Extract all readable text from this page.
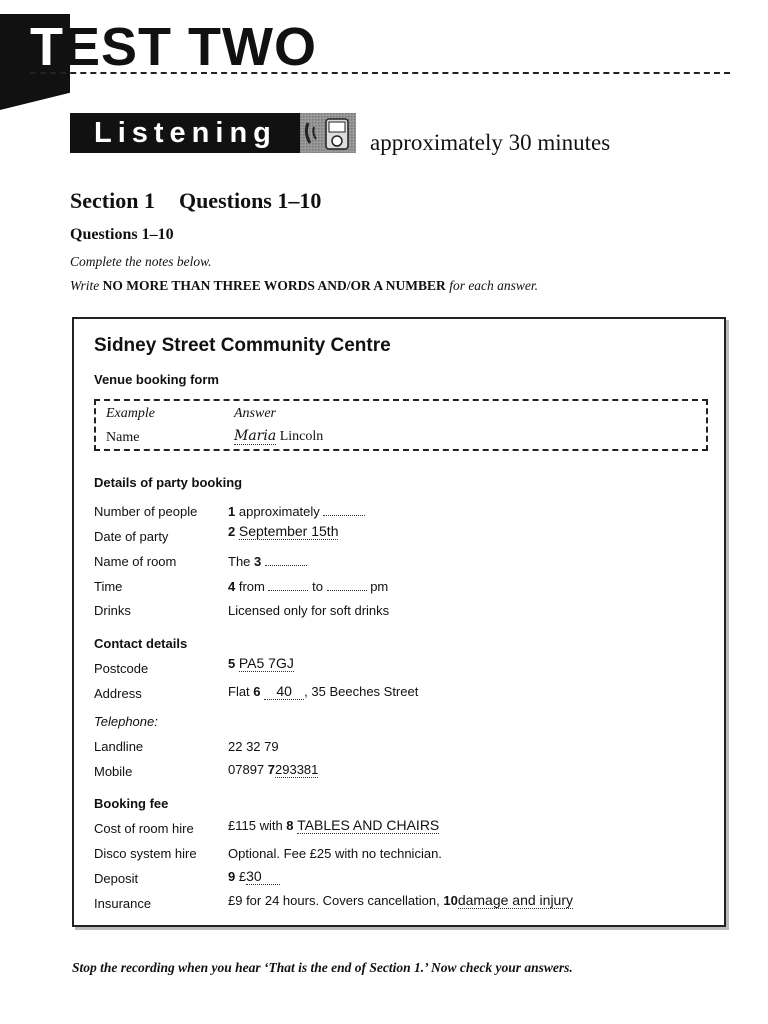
TEST TWO
Listening	approximately 30 minutes
Section 1 Questions 1–10
Questions 1–10
Complete the notes below.
Write NO MORE THAN THREE WORDS AND/OR A NUMBER for each answer.
Sidney Street Community Centre
Venue booking form
Example	Answer
Name	Maria Lincoln
Details of party booking
Number of people 1 approximately
Date of party	2 September 15th
Name of room	The 3
Time	4 from	to	pm
Drinks	Licensed only for soft drinks
Contact details
Postcode	5 PA5 7GJ
Address	Flat 6 40 , 35 Beeches Street
Telephone:
Landline	22 32 79
Mobile	07897 7293381
Booking fee
Cost of room hire	£115 with 8 TABLES AND CHAIRS
Disco system hire Optional. Fee £25 with no technician.
Deposit	9 £30
Insurance	£9 for 24 hours. Covers cancellation, 10damage and injury
Stop the recording when you hear ‘That is the end of Section 1.’ Now check your answers.
